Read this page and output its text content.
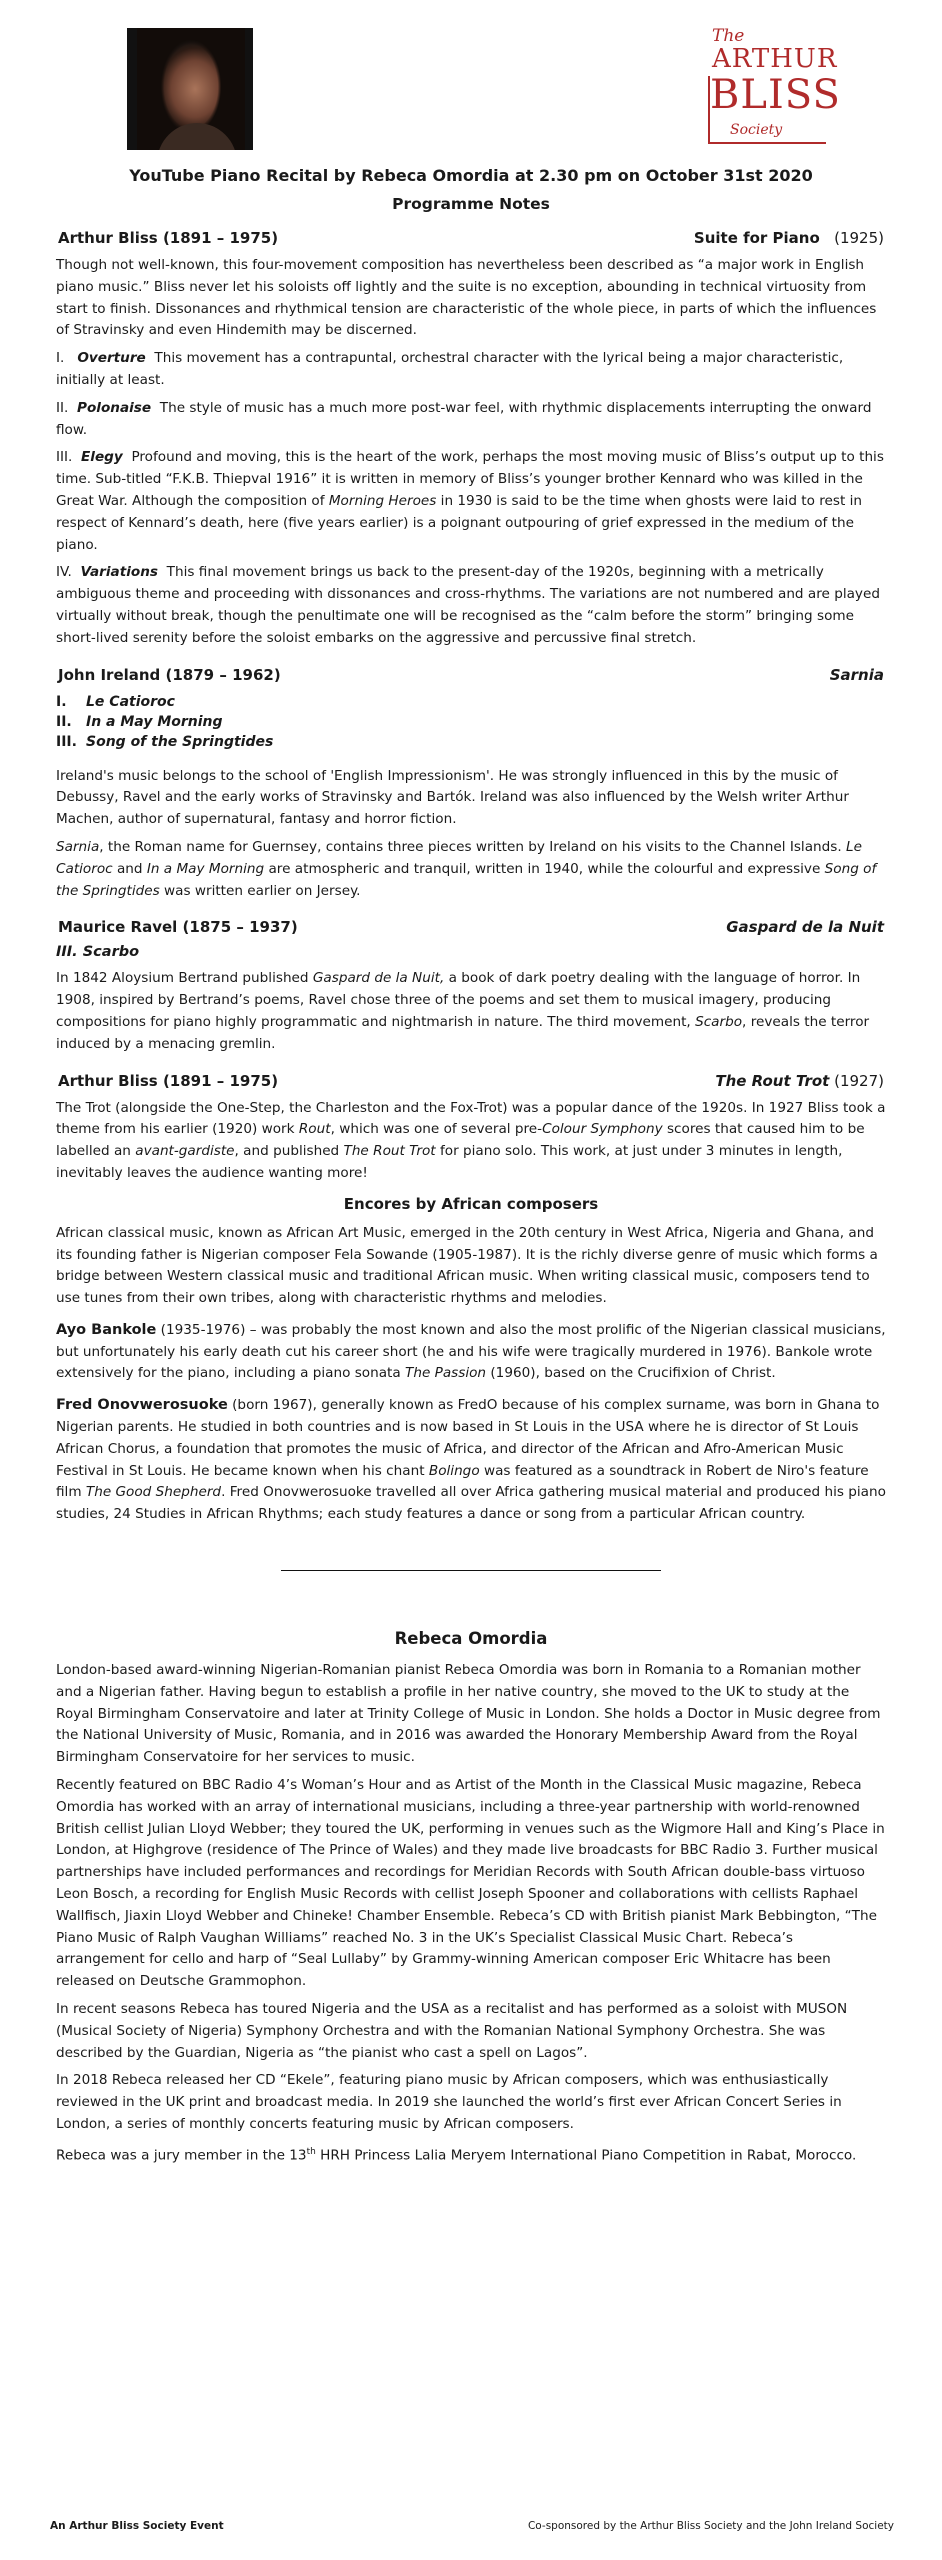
The
ARTHUR
BLISS
Society
YouTube Piano Recital by Rebeca Omordia at 2.30 pm on October 31st 2020
Programme Notes
Arthur Bliss (1891 – 1975)	Suite for Piano (1925)

Though not well-known, this four-movement composition has nevertheless been described as “a major work in English piano music.” Bliss never let his soloists off lightly and the suite is no exception, abounding in technical virtuosity from start to finish. Dissonances and rhythmical tension are characteristic of the whole piece, in parts of which the influences of Stravinsky and even Hindemith may be discerned.

I. Overture This movement has a contrapuntal, orchestral character with the lyrical being a major characteristic, initially at least.

II. Polonaise The style of music has a much more post-war feel, with rhythmic displacements interrupting the onward flow.

III. Elegy Profound and moving, this is the heart of the work, perhaps the most moving music of Bliss’s output up to this time. Sub-titled “F.K.B. Thiepval 1916” it is written in memory of Bliss’s younger brother Kennard who was killed in the Great War. Although the composition of Morning Heroes in 1930 is said to be the time when ghosts were laid to rest in respect of Kennard’s death, here (five years earlier) is a poignant outpouring of grief expressed in the medium of the piano.

IV. Variations This final movement brings us back to the present-day of the 1920s, beginning with a metrically ambiguous theme and proceeding with dissonances and cross-rhythms. The variations are not numbered and are played virtually without break, though the penultimate one will be recognised as the “calm before the storm” bringing some short-lived serenity before the soloist embarks on the aggressive and percussive final stretch.

John Ireland (1879 – 1962)	Sarnia
I.	Le Catioroc
II.	In a May Morning
III. Song of the Springtides

Ireland's music belongs to the school of 'English Impressionism'. He was strongly influenced in this by the music of Debussy, Ravel and the early works of Stravinsky and Bartók. Ireland was also influenced by the Welsh writer Arthur Machen, author of supernatural, fantasy and horror fiction.

Sarnia, the Roman name for Guernsey, contains three pieces written by Ireland on his visits to the Channel Islands. Le Catioroc and In a May Morning are atmospheric and tranquil, written in 1940, while the colourful and expressive Song of the Springtides was written earlier on Jersey.

Maurice Ravel (1875 – 1937)	Gaspard de la Nuit
III. Scarbo

In 1842 Aloysium Bertrand published Gaspard de la Nuit, a book of dark poetry dealing with the language of horror. In 1908, inspired by Bertrand’s poems, Ravel chose three of the poems and set them to musical imagery, producing compositions for piano highly programmatic and nightmarish in nature. The third movement, Scarbo, reveals the terror induced by a menacing gremlin.

Arthur Bliss (1891 – 1975)	The Rout Trot (1927)

The Trot (alongside the One-Step, the Charleston and the Fox-Trot) was a popular dance of the 1920s. In 1927 Bliss took a theme from his earlier (1920) work Rout, which was one of several pre-Colour Symphony scores that caused him to be labelled an avant-gardiste, and published The Rout Trot for piano solo. This work, at just under 3 minutes in length, inevitably leaves the audience wanting more!

Encores by African composers

African classical music, known as African Art Music, emerged in the 20th century in West Africa, Nigeria and Ghana, and its founding father is Nigerian composer Fela Sowande (1905-1987). It is the richly diverse genre of music which forms a bridge between Western classical music and traditional African music. When writing classical music, composers tend to use tunes from their own tribes, along with characteristic rhythms and melodies.

Ayo Bankole (1935-1976) – was probably the most known and also the most prolific of the Nigerian classical musicians, but unfortunately his early death cut his career short (he and his wife were tragically murdered in 1976). Bankole wrote extensively for the piano, including a piano sonata The Passion (1960), based on the Crucifixion of Christ.

Fred Onovwerosuoke (born 1967), generally known as FredO because of his complex surname, was born in Ghana to Nigerian parents. He studied in both countries and is now based in St Louis in the USA where he is director of St Louis African Chorus, a foundation that promotes the music of Africa, and director of the African and Afro-American Music Festival in St Louis. He became known when his chant Bolingo was featured as a soundtrack in Robert de Niro's feature film The Good Shepherd. Fred Onovwerosuoke travelled all over Africa gathering musical material and produced his piano studies, 24 Studies in African Rhythms; each study features a dance or song from a particular African country.

Rebeca Omordia

London-based award-winning Nigerian-Romanian pianist Rebeca Omordia was born in Romania to a Romanian mother and a Nigerian father. Having begun to establish a profile in her native country, she moved to the UK to study at the Royal Birmingham Conservatoire and later at Trinity College of Music in London. She holds a Doctor in Music degree from the National University of Music, Romania, and in 2016 was awarded the Honorary Membership Award from the Royal Birmingham Conservatoire for her services to music.

Recently featured on BBC Radio 4’s Woman’s Hour and as Artist of the Month in the Classical Music magazine, Rebeca Omordia has worked with an array of international musicians, including a three-year partnership with world-renowned British cellist Julian Lloyd Webber; they toured the UK, performing in venues such as the Wigmore Hall and King’s Place in London, at Highgrove (residence of The Prince of Wales) and they made live broadcasts for BBC Radio 3. Further musical partnerships have included performances and recordings for Meridian Records with South African double-bass virtuoso Leon Bosch, a recording for English Music Records with cellist Joseph Spooner and collaborations with cellists Raphael Wallfisch, Jiaxin Lloyd Webber and Chineke! Chamber Ensemble. Rebeca’s CD with British pianist Mark Bebbington, “The Piano Music of Ralph Vaughan Williams” reached No. 3 in the UK’s Specialist Classical Music Chart. Rebeca’s arrangement for cello and harp of “Seal Lullaby” by Grammy-winning American composer Eric Whitacre has been released on Deutsche Grammophon.

In recent seasons Rebeca has toured Nigeria and the USA as a recitalist and has performed as a soloist with MUSON (Musical Society of Nigeria) Symphony Orchestra and with the Romanian National Symphony Orchestra. She was described by the Guardian, Nigeria as “the pianist who cast a spell on Lagos”.

In 2018 Rebeca released her CD “Ekele”, featuring piano music by African composers, which was enthusiastically reviewed in the UK print and broadcast media. In 2019 she launched the world’s first ever African Concert Series in London, a series of monthly concerts featuring music by African composers.

Rebeca was a jury member in the 13th HRH Princess Lalia Meryem International Piano Competition in Rabat, Morocco.

An Arthur Bliss Society Event	Co-sponsored by the Arthur Bliss Society and the John Ireland Society
